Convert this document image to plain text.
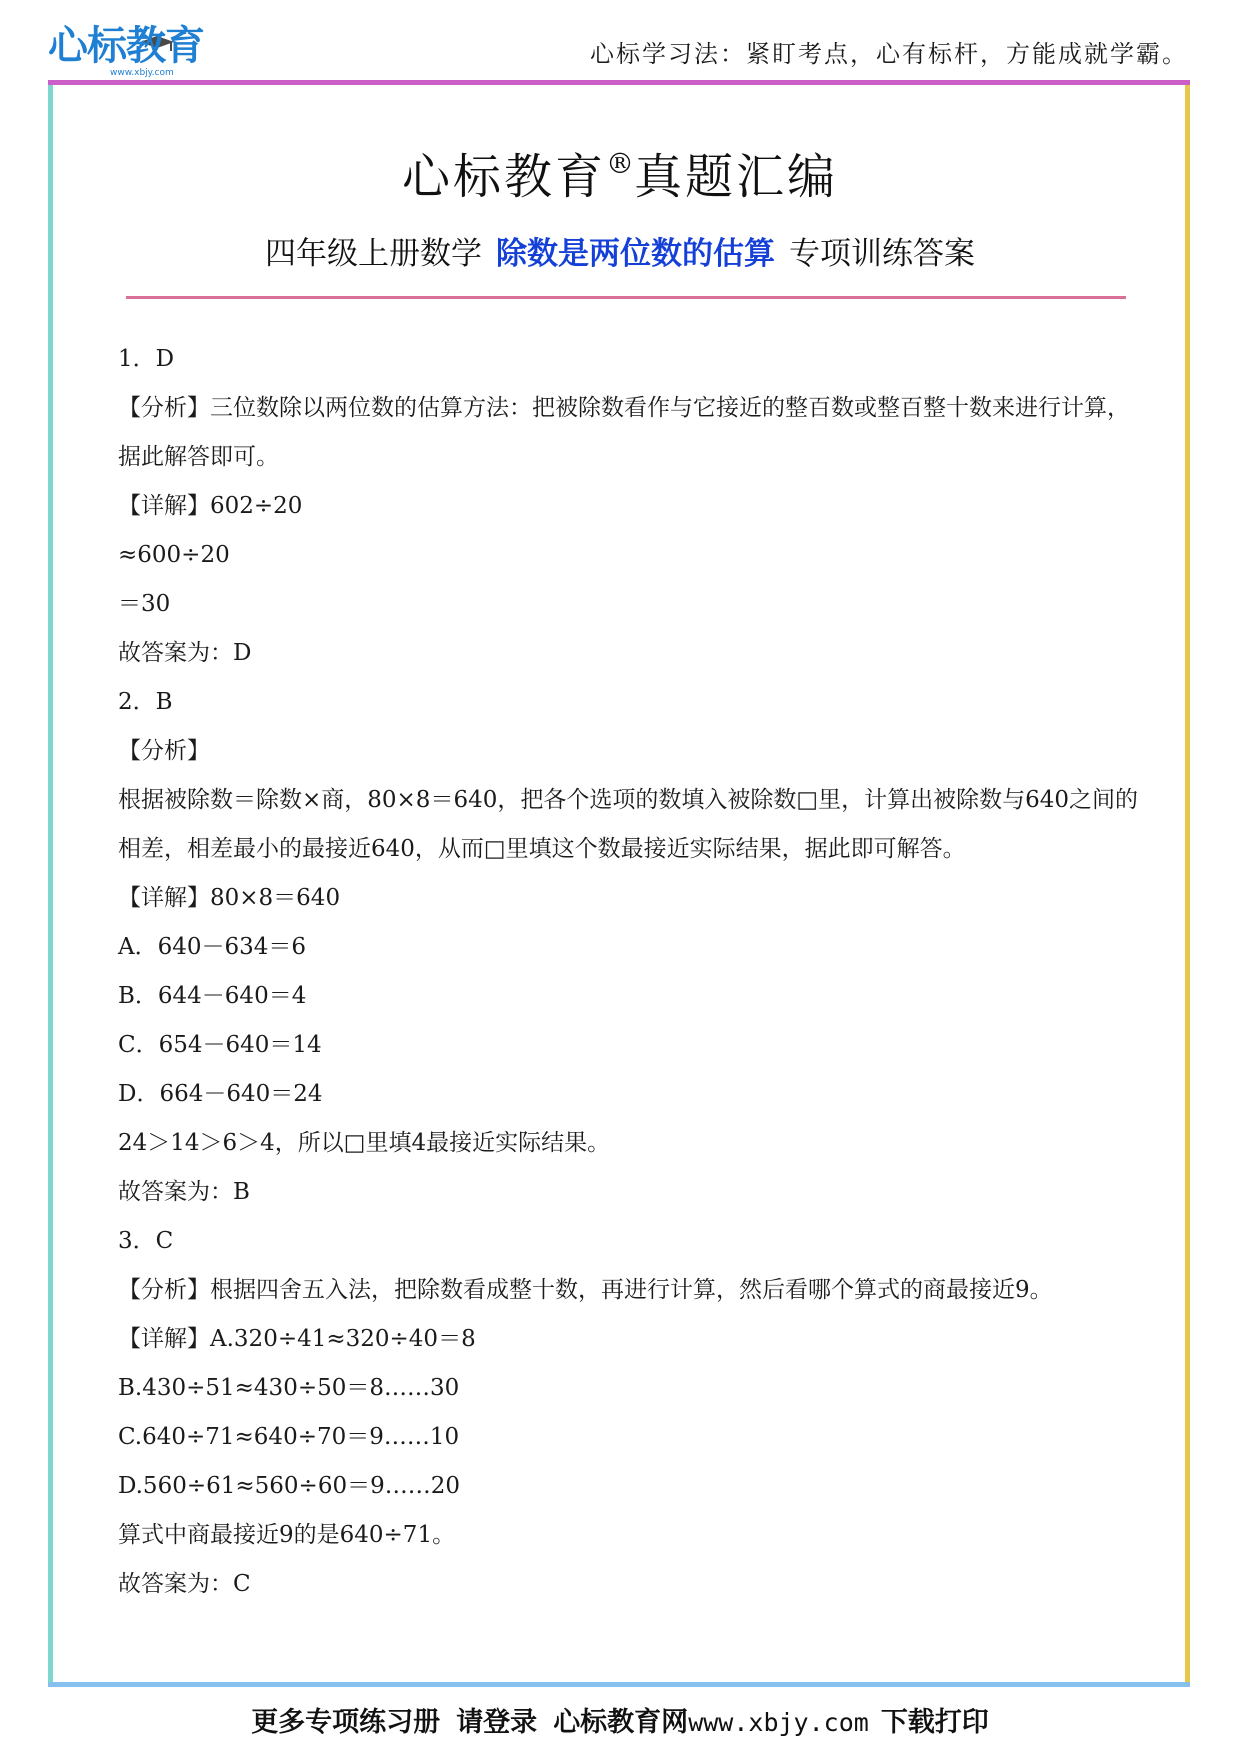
心标教育
www.xbjy.com
心标学习法：紧盯考点，心有标杆，方能成就学霸。
心标教育®真题汇编
四年级上册数学 除数是两位数的估算 专项训练答案

1．D

【分析】三位数除以两位数的估算方法：把被除数看作与它接近的整百数或整百整十数来进行计算，据此解答即可。

【详解】602÷20

≈600÷20

＝30

故答案为：D

2．B

【分析】

根据被除数＝除数×商，80×8＝640，把各个选项的数填入被除数□里，计算出被除数与640之间的相差，相差最小的最接近640，从而□里填这个数最接近实际结果，据此即可解答。

【详解】80×8＝640

A．640－634＝6

B．644－640＝4

C．654－640＝14

D．664－640＝24

24＞14＞6＞4，所以□里填4最接近实际结果。

故答案为：B

3．C

【分析】根据四舍五入法，把除数看成整十数，再进行计算，然后看哪个算式的商最接近9。

【详解】A.320÷41≈320÷40＝8

B.430÷51≈430÷50＝8……30

C.640÷71≈640÷70＝9……10

D.560÷61≈560÷60＝9……20

算式中商最接近9的是640÷71。

故答案为：C

更多专项练习册 请登录 心标教育网www.xbjy.com 下载打印
